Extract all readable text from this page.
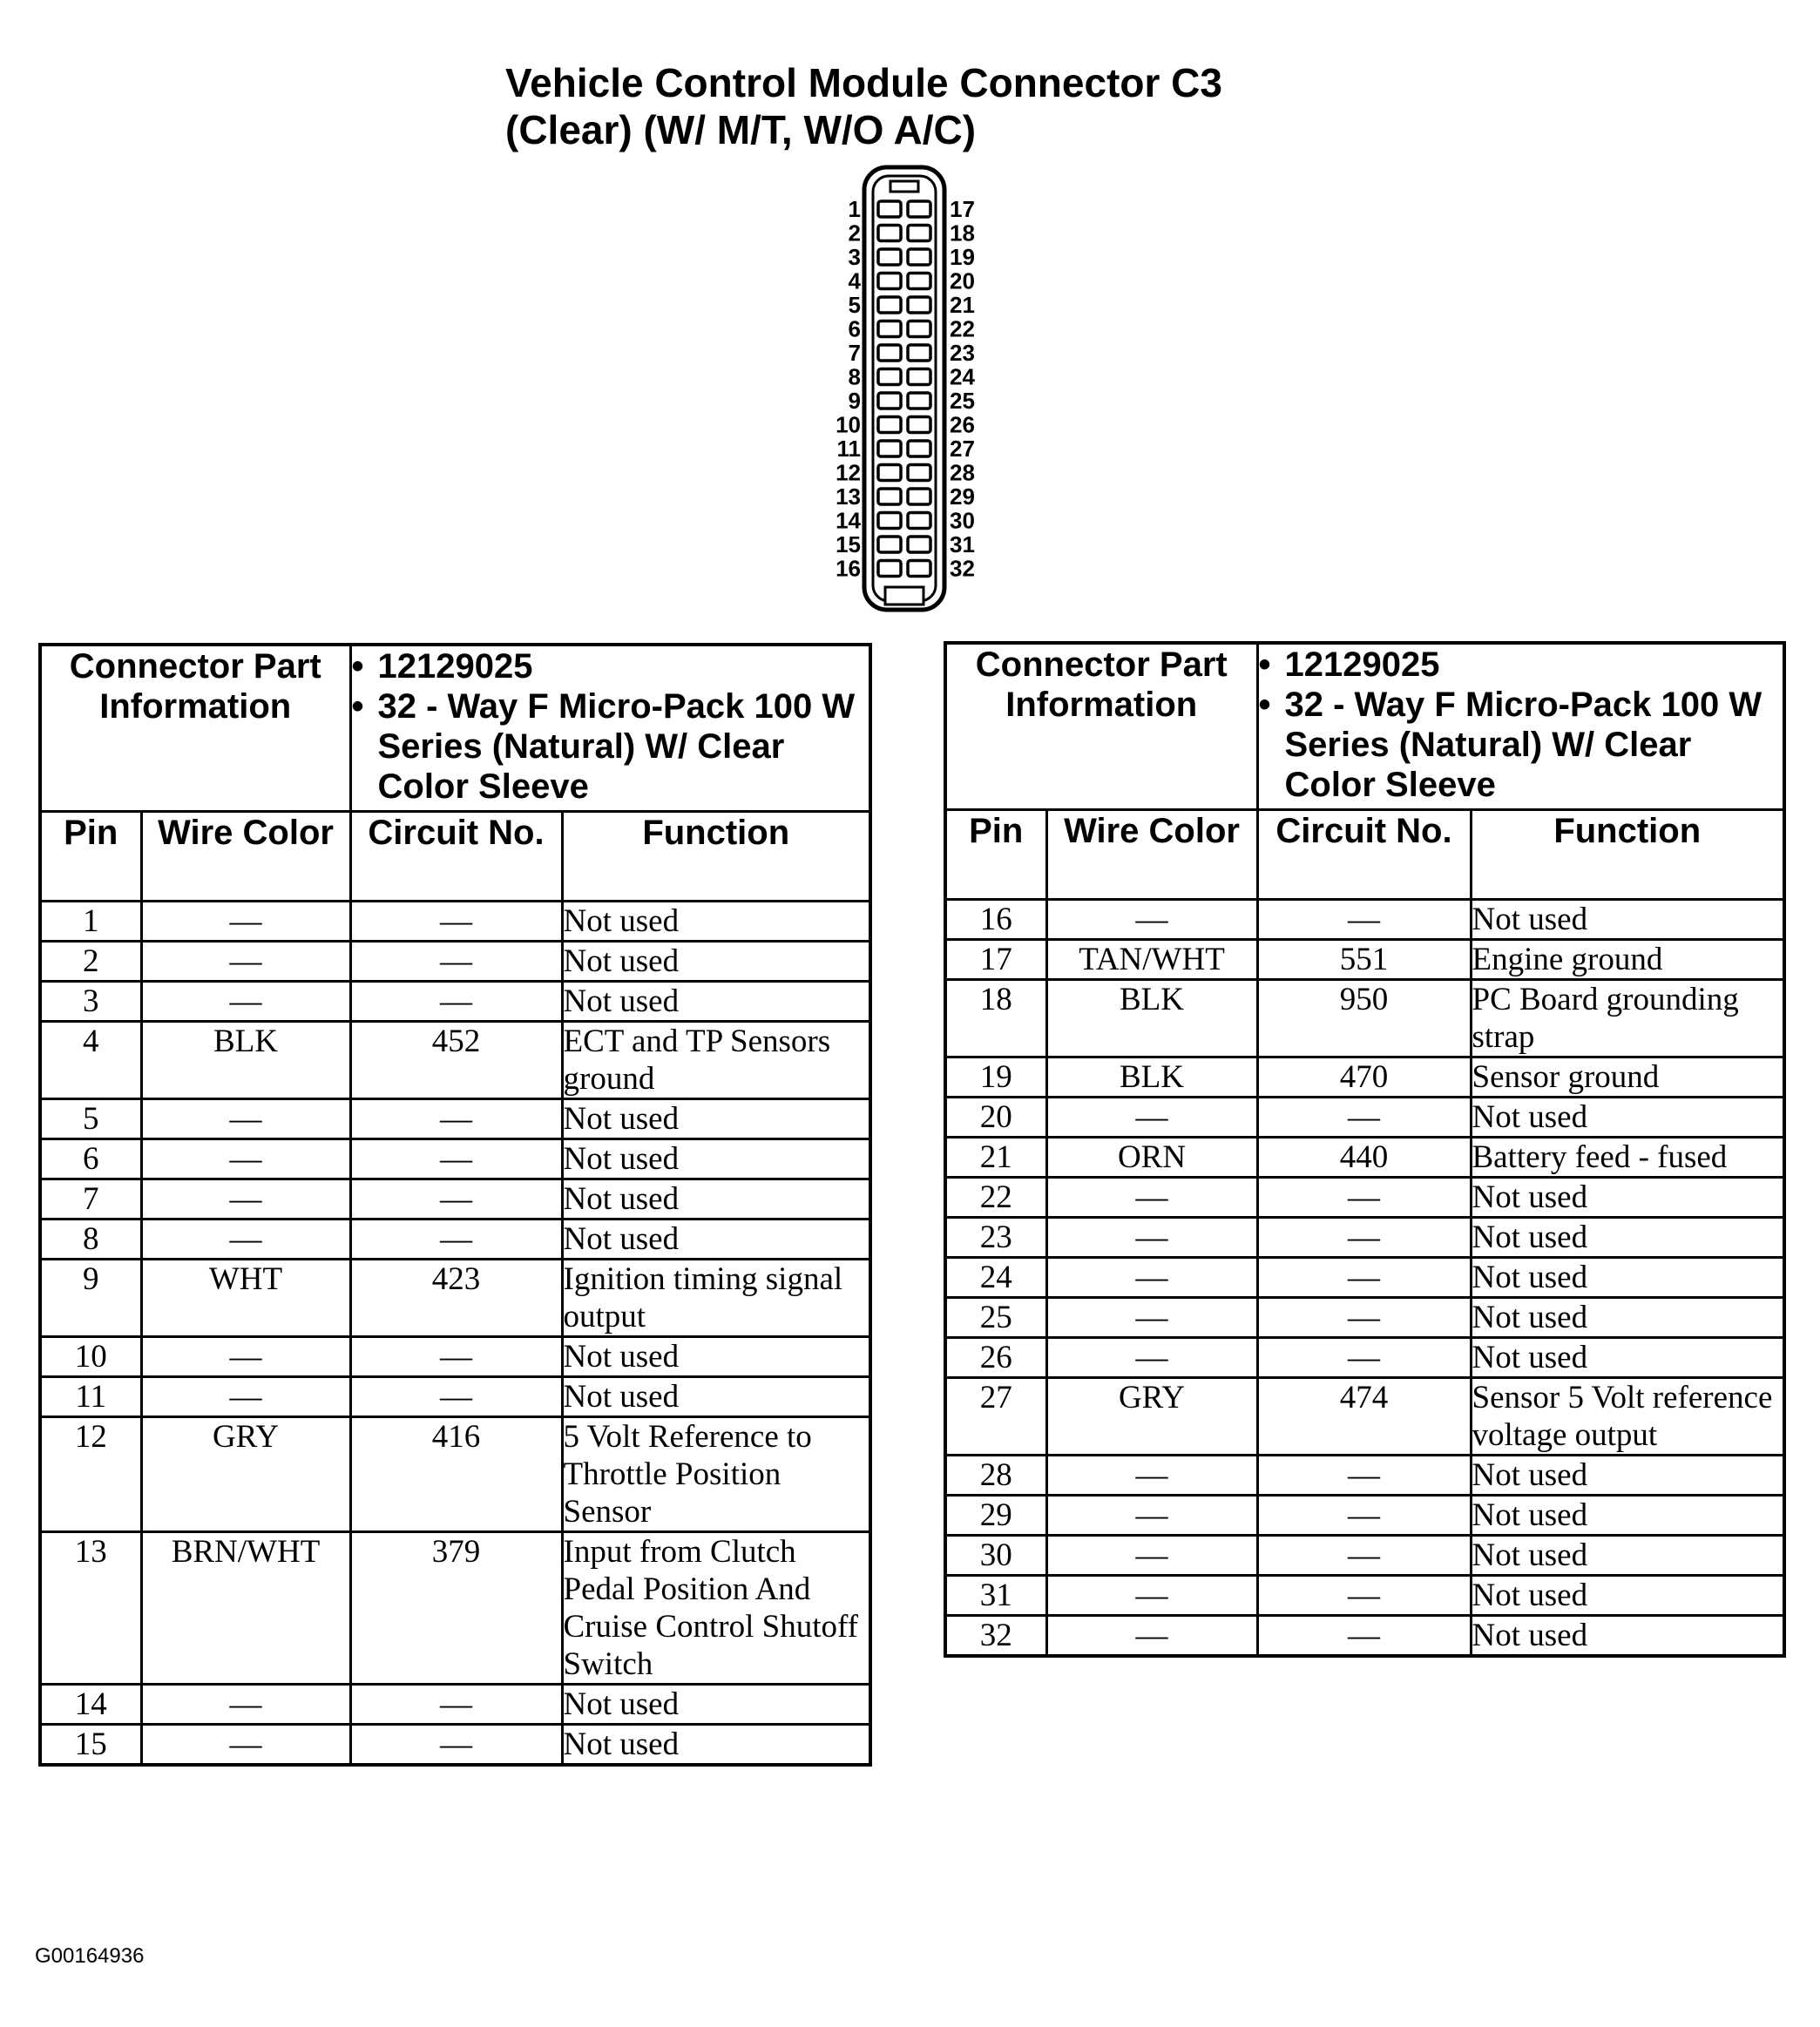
Vehicle Control Module Connector C3
(Clear) (W/ M/T, W/O A/C)
1
2
3
4
5
6
7
8
9
10
11
12
13
14
15
16
17
18
19
20
21
22
23
24
25
26
27
28
29
30
31
32
Connector Part Information		• 12129025
• 32 - Way F Micro-Pack 100 W Series (Natural) W/ Clear Color Sleeve	

Pin	Wire Color	Circuit No.	Function
1	—	—	Not used
2	—	—	Not used
3	—	—	Not used
4	BLK	452	ECT and TP Sensors ground
5	—	—	Not used
6	—	—	Not used
7	—	—	Not used
8	—	—	Not used
9	WHT	423	Ignition timing signal output
10	—	—	Not used
11	—	—	Not used
12	GRY	416	5 Volt Reference to Throttle Position Sensor
13	BRN/WHT	379	Input from Clutch Pedal Position And Cruise Control Shutoff Switch
14	—	—	Not used
15	—	—	Not used
Connector Part Information		• 12129025
• 32 - Way F Micro-Pack 100 W Series (Natural) W/ Clear Color Sleeve	

Pin	Wire Color	Circuit No.	Function
16	—	—	Not used
17	TAN/WHT	551	Engine ground
18	BLK	950	PC Board grounding strap
19	BLK	470	Sensor ground
20	—	—	Not used
21	ORN	440	Battery feed - fused
22	—	—	Not used
23	—	—	Not used
24	—	—	Not used
25	—	—	Not used
26	—	—	Not used
27	GRY	474	Sensor 5 Volt reference voltage output
28	—	—	Not used
29	—	—	Not used
30	—	—	Not used
31	—	—	Not used
32	—	—	Not used
G00164936
